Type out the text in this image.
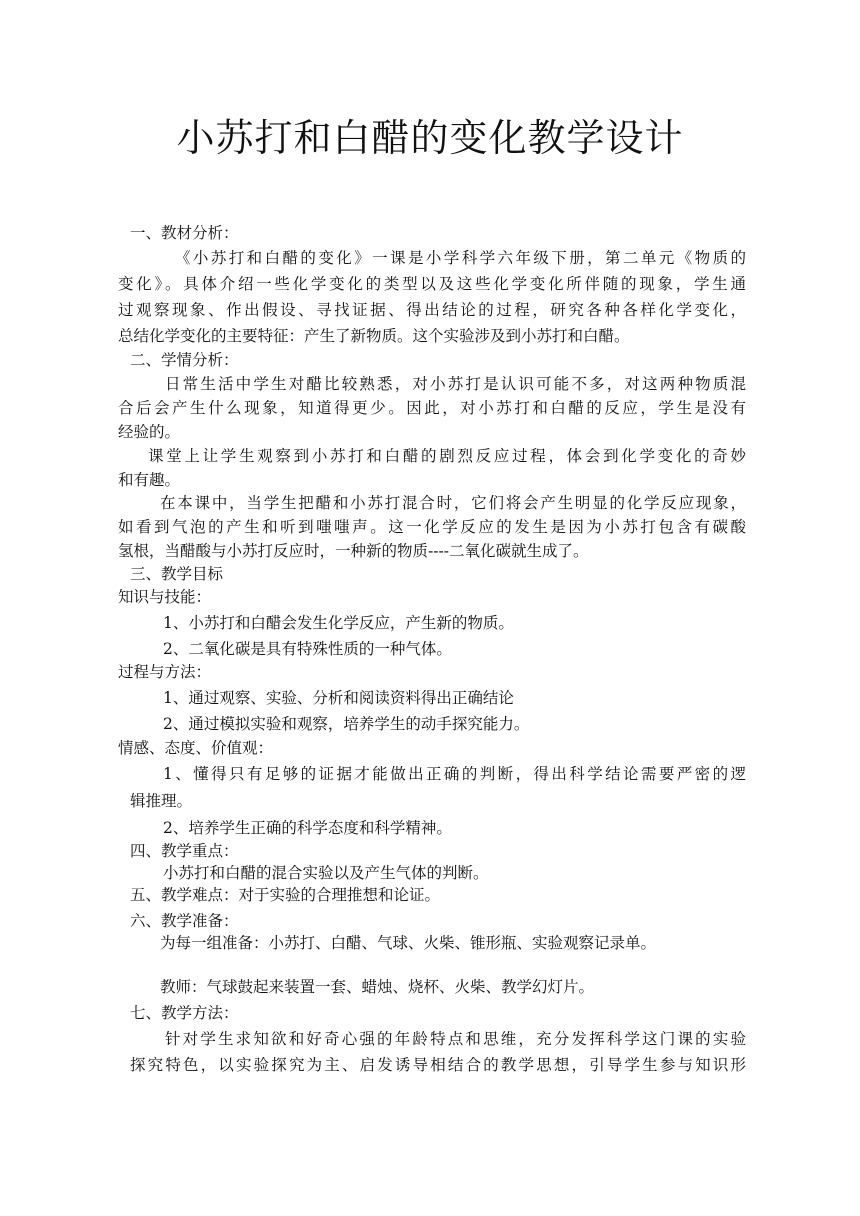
小苏打和白醋的变化教学设计
一、教材分析：
《小苏打和白醋的变化》一课是小学科学六年级下册，第二单元《物质的
变化》。具体介绍一些化学变化的类型以及这些化学变化所伴随的现象，学生通
过观察现象、作出假设、寻找证据、得出结论的过程，研究各种各样化学变化，
总结化学变化的主要特征：产生了新物质。这个实验涉及到小苏打和白醋。
二、学情分析：
日常生活中学生对醋比较熟悉，对小苏打是认识可能不多，对这两种物质混
合后会产生什么现象，知道得更少。因此，对小苏打和白醋的反应，学生是没有
经验的。
课堂上让学生观察到小苏打和白醋的剧烈反应过程，体会到化学变化的奇妙
和有趣。
在本课中，当学生把醋和小苏打混合时，它们将会产生明显的化学反应现象，
如看到气泡的产生和听到嗤嗤声。这一化学反应的发生是因为小苏打包含有碳酸
氢根，当醋酸与小苏打反应时，一种新的物质----二氧化碳就生成了。
三、教学目标
知识与技能：
1、小苏打和白醋会发生化学反应，产生新的物质。
2、二氧化碳是具有特殊性质的一种气体。
过程与方法：
1、通过观察、实验、分析和阅读资料得出正确结论
2、通过模拟实验和观察，培养学生的动手探究能力。
情感、态度、价值观：
1、懂得只有足够的证据才能做出正确的判断，得出科学结论需要严密的逻
辑推理。
2、培养学生正确的科学态度和科学精神。
四、教学重点：
小苏打和白醋的混合实验以及产生气体的判断。
五、教学难点：对于实验的合理推想和论证。
六、教学准备：
为每一组准备：小苏打、白醋、气球、火柴、锥形瓶、实验观察记录单。
教师：气球鼓起来装置一套、蜡烛、烧杯、火柴、教学幻灯片。
七、教学方法：
针对学生求知欲和好奇心强的年龄特点和思维，充分发挥科学这门课的实验
探究特色，以实验探究为主、启发诱导相结合的教学思想，引导学生参与知识形
